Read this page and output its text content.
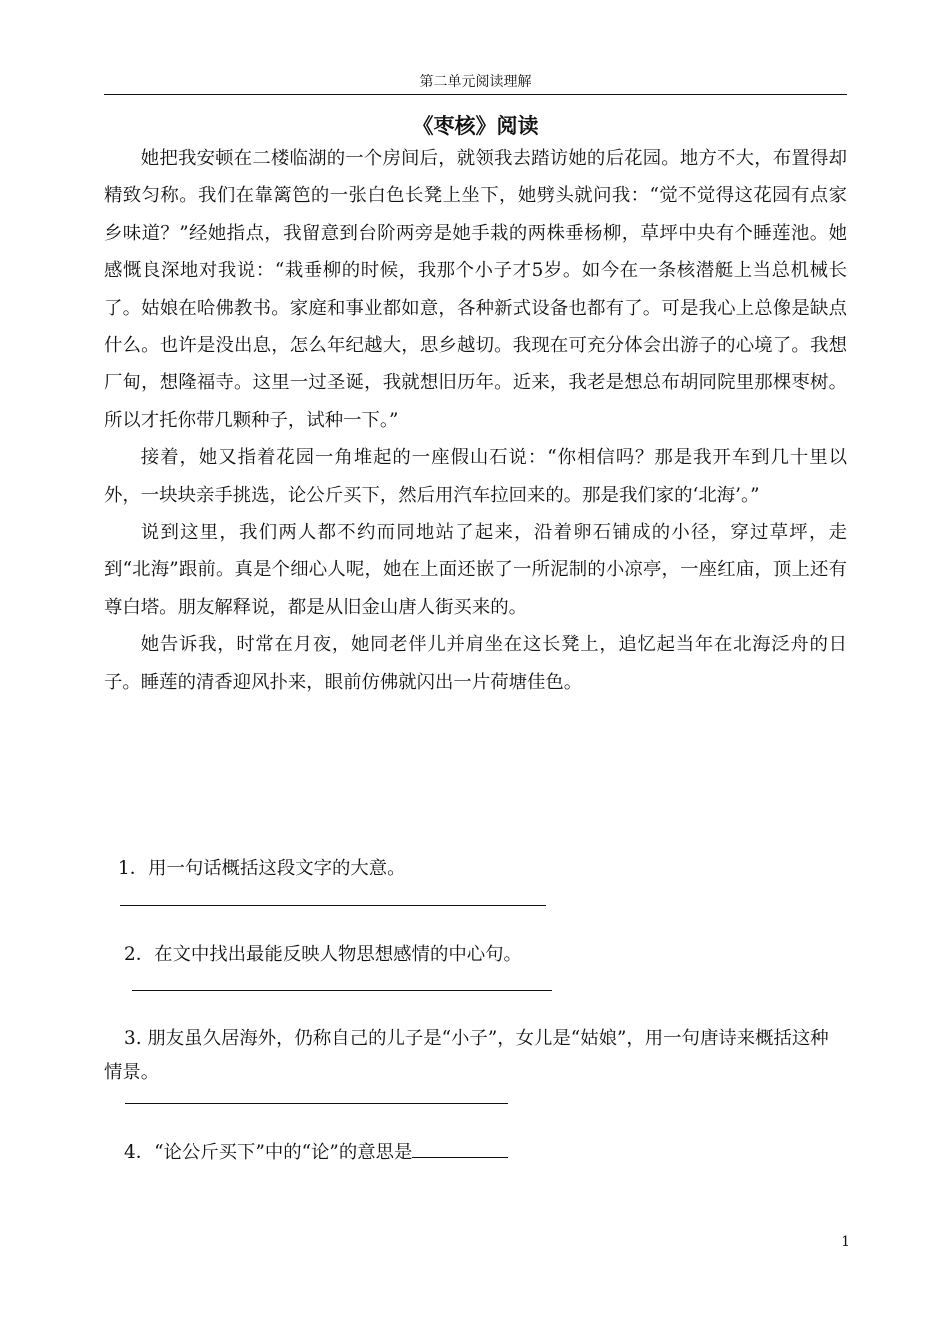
第二单元阅读理解
《枣核》阅读

她把我安顿在二楼临湖的一个房间后，就领我去踏访她的后花园。地方不大，布置得却精致匀称。我们在靠篱笆的一张白色长凳上坐下，她劈头就问我：“觉不觉得这花园有点家乡味道？”经她指点，我留意到台阶两旁是她手栽的两株垂杨柳，草坪中央有个睡莲池。她感慨良深地对我说：“栽垂柳的时候，我那个小子才5岁。如今在一条核潜艇上当总机械长了。姑娘在哈佛教书。家庭和事业都如意，各种新式设备也都有了。可是我心上总像是缺点什么。也许是没出息，怎么年纪越大，思乡越切。我现在可充分体会出游子的心境了。我想厂甸，想隆福寺。这里一过圣诞，我就想旧历年。近来，我老是想总布胡同院里那棵枣树。所以才托你带几颗种子，试种一下。”

接着，她又指着花园一角堆起的一座假山石说：“你相信吗？那是我开车到几十里以外，一块块亲手挑选，论公斤买下，然后用汽车拉回来的。那是我们家的‘北海’。”

说到这里，我们两人都不约而同地站了起来，沿着卵石铺成的小径，穿过草坪，走到“北海”跟前。真是个细心人呢，她在上面还嵌了一所泥制的小凉亭，一座红庙，顶上还有尊白塔。朋友解释说，都是从旧金山唐人街买来的。

她告诉我，时常在月夜，她同老伴儿并肩坐在这长凳上，追忆起当年在北海泛舟的日子。睡莲的清香迎风扑来，眼前仿佛就闪出一片荷塘佳色。

1．用一句话概括这段文字的大意。
2．在文中找出最能反映人物思想感情的中心句。
3. 朋友虽久居海外，仍称自己的儿子是“小子”，女儿是“姑娘”，用一句唐诗来概括这种情景。
4．“论公斤买下”中的“论”的意思是
1
